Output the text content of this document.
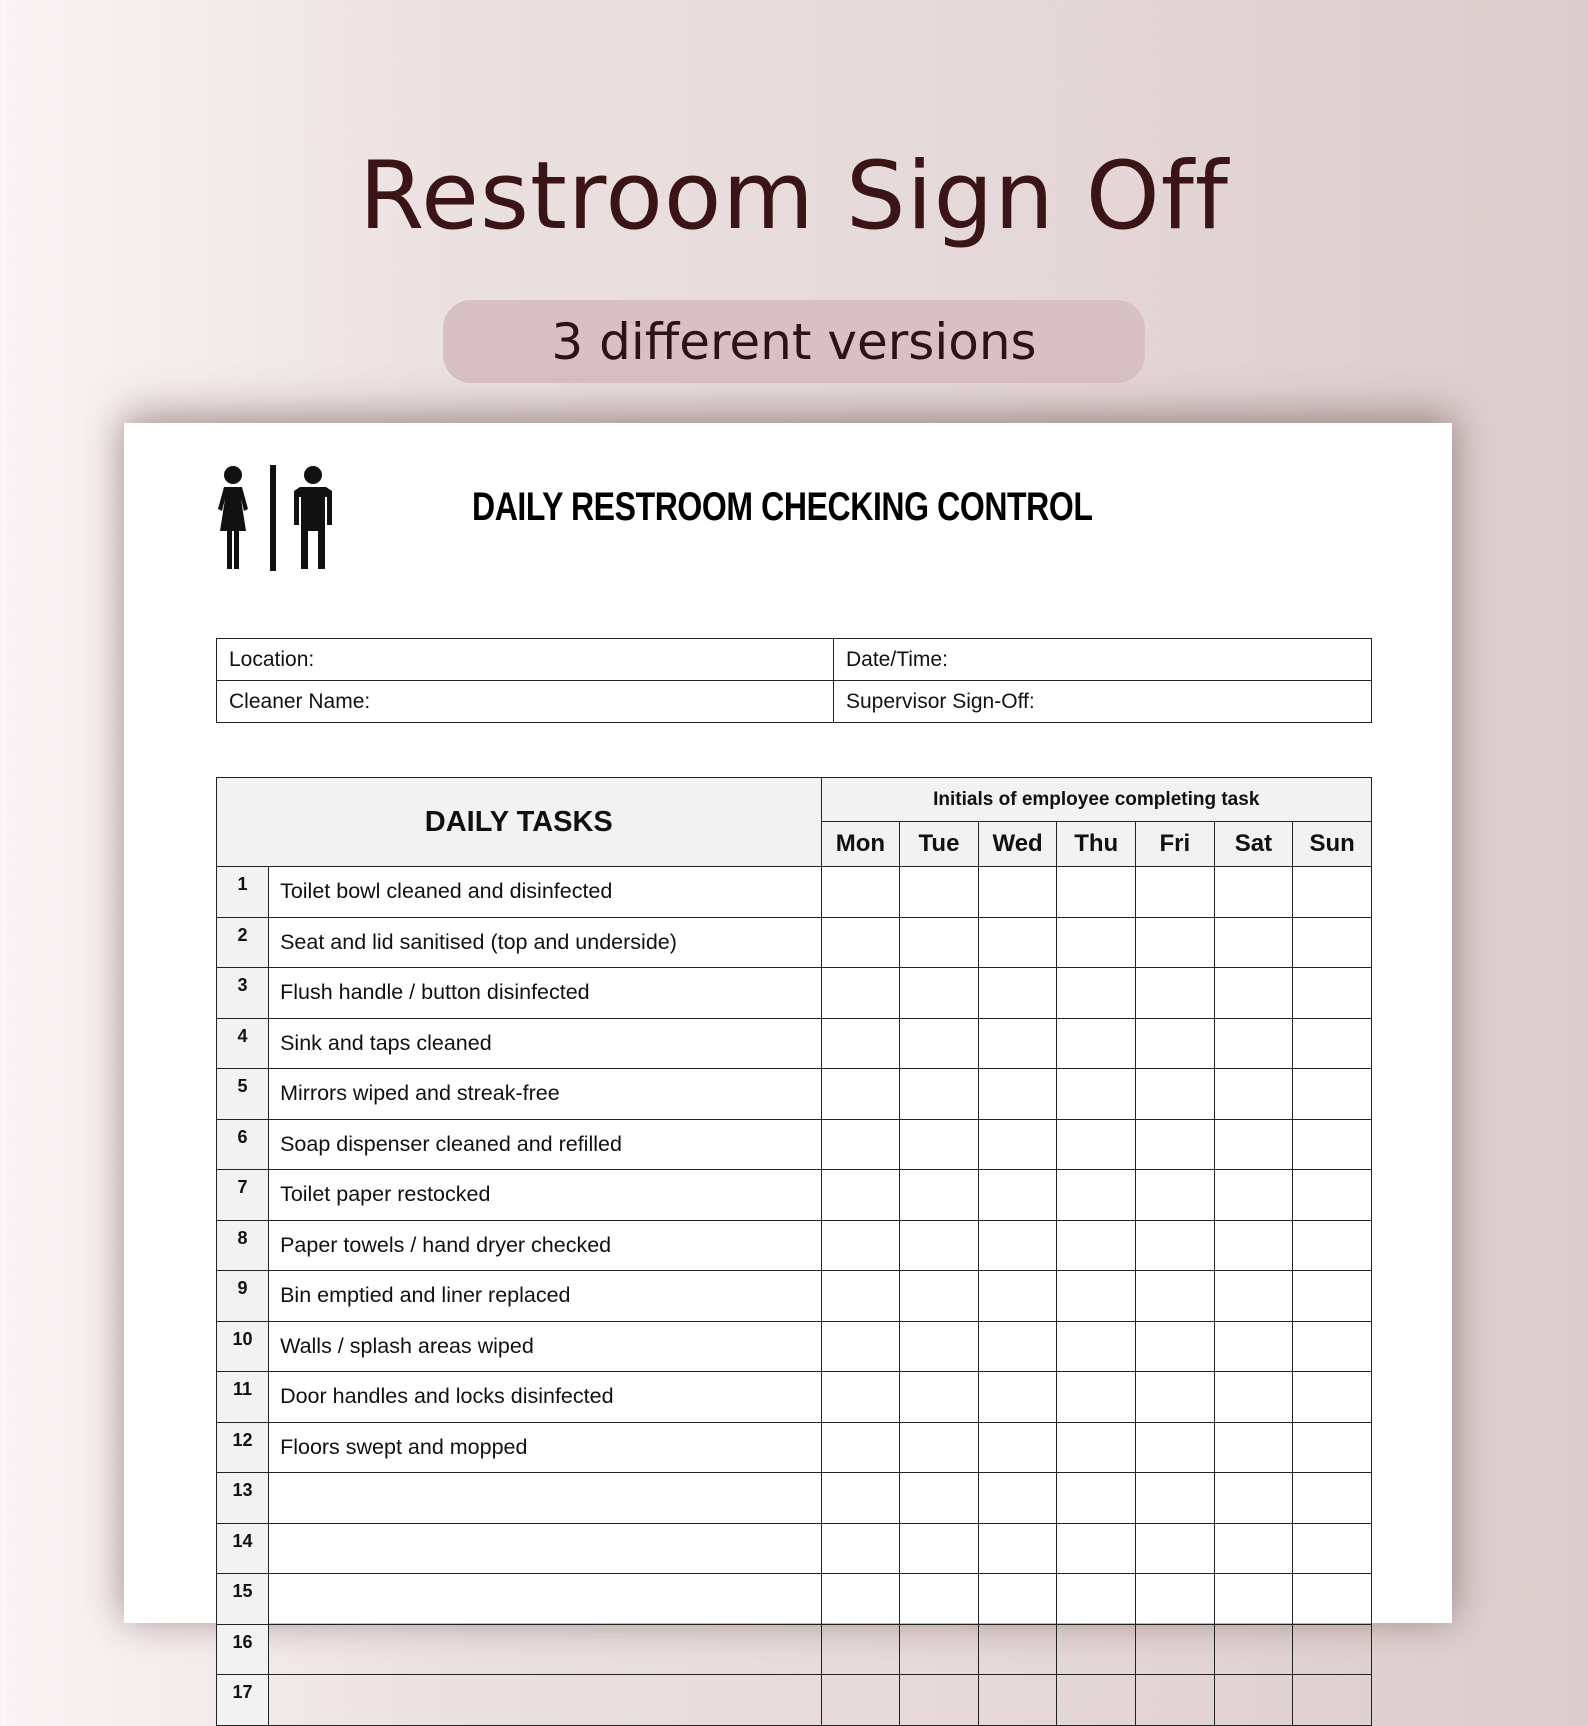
Restroom Sign Off
3 different versions
DAILY RESTROOM CHECKING CONTROL
Location:	Date/Time:
Cleaner Name:	Supervisor Sign-Off:
DAILY TASKS		Initials of employee completing task						
		Mon	Tue	Wed	Thu	Fri	Sat	Sun
1	Toilet bowl cleaned and disinfected							
2	Seat and lid sanitised (top and underside)							
3	Flush handle / button disinfected							
4	Sink and taps cleaned							
5	Mirrors wiped and streak-free							
6	Soap dispenser cleaned and refilled							
7	Toilet paper restocked							
8	Paper towels / hand dryer checked							
9	Bin emptied and liner replaced							
10	Walls / splash areas wiped							
11	Door handles and locks disinfected							
12	Floors swept and mopped							
13								
14								
15								
16								
17								
